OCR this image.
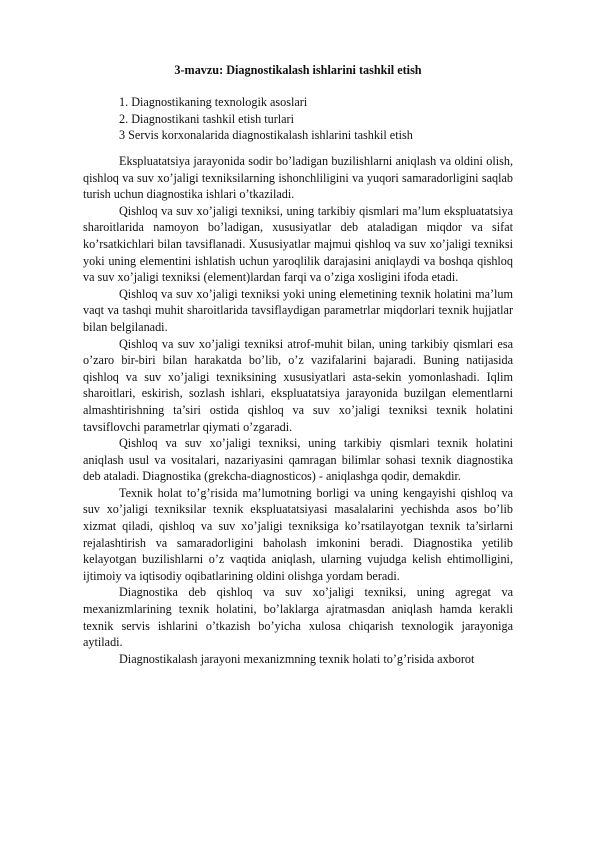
3-mavzu: Diagnostikalash ishlarini tashkil etish
1. Diagnostikaning texnologik asoslari
2. Diagnostikani tashkil etish turlari
3 Servis korxonalarida diagnostikalash ishlarini tashkil etish

Ekspluatatsiya jarayonida sodir bo’ladigan buzilishlarni aniqlash va oldini olish, qishloq va suv xo’jaligi texniksilarning ishonchliligini va yuqori samaradorligini saqlab turish uchun diagnostika ishlari o’tkaziladi.

Qishloq va suv xo’jaligi texniksi, uning tarkibiy qismlari ma’lum ekspluatatsiya sharoitlarida namoyon bo’ladigan, xususiyatlar deb ataladigan miqdor va sifat ko’rsatkichlari bilan tavsiflanadi. Xususiyatlar majmui qishloq va suv xo’jaligi texniksi yoki uning elementini ishlatish uchun yaroqlilik darajasini aniqlaydi va boshqa qishloq va suv xo’jaligi texniksi (element)lardan farqi va o’ziga xosligini ifoda etadi.

Qishloq va suv xo’jaligi texniksi yoki uning elemetining texnik holatini ma’lum vaqt va tashqi muhit sharoitlarida tavsiflaydigan parametrlar miqdorlari texnik hujjatlar bilan belgilanadi.

Qishloq va suv xo’jaligi texniksi atrof-muhit bilan, uning tarkibiy qismlari esa o’zaro bir-biri bilan harakatda bo’lib, o’z vazifalarini bajaradi. Buning natijasida qishloq va suv xo’jaligi texniksining xususiyatlari asta-sekin yomonlashadi. Iqlim sharoitlari, eskirish, sozlash ishlari, ekspluatatsiya jarayonida buzilgan elementlarni almashtirishning ta’siri ostida qishloq va suv xo’jaligi texniksi texnik holatini tavsiflovchi parametrlar qiymati o’zgaradi.

Qishloq va suv xo’jaligi texniksi, uning tarkibiy qismlari texnik holatini aniqlash usul va vositalari, nazariyasini qamragan bilimlar sohasi texnik diagnostika deb ataladi. Diagnostika (grekcha-diagnosticos) - aniqlashga qodir, demakdir.

Texnik holat to’g’risida ma’lumotning borligi va uning kengayishi qishloq va suv xo’jaligi texniksilar texnik ekspluatatsiyasi masalalarini yechishda asos bo’lib xizmat qiladi, qishloq va suv xo’jaligi texniksiga ko’rsatilayotgan texnik ta’sirlarni rejalashtirish va samaradorligini baholash imkonini beradi. Diagnostika yetilib kelayotgan buzilishlarni o’z vaqtida aniqlash, ularning vujudga kelish ehtimolligini, ijtimoiy va iqtisodiy oqibatlarining oldini olishga yordam beradi.

Diagnostika deb qishloq va suv xo’jaligi texniksi, uning agregat va mexanizmlarining texnik holatini, bo’laklarga ajratmasdan aniqlash hamda kerakli texnik servis ishlarini o’tkazish bo’yicha xulosa chiqarish texnologik jarayoniga aytiladi.

Diagnostikalash jarayoni mexanizmning texnik holati to’g’risida axborot
